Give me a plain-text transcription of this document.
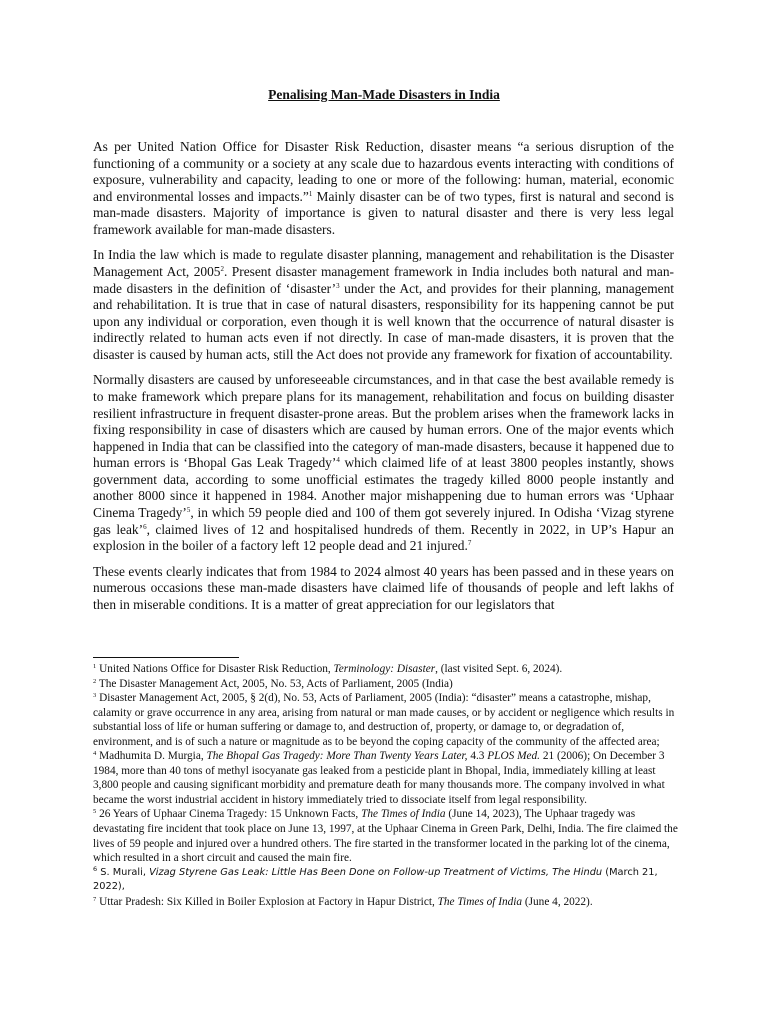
Penalising Man-Made Disasters in India

As per United Nation Office for Disaster Risk Reduction, disaster means “a serious disruption of the functioning of a community or a society at any scale due to hazardous events interacting with conditions of exposure, vulnerability and capacity, leading to one or more of the following: human, material, economic and environmental losses and impacts.”$^1$ Mainly disaster can be of two types, first is natural and second is man-made disasters. Majority of importance is given to natural disaster and there is very less legal framework available for man-made disasters.

In India the law which is made to regulate disaster planning, management and rehabilitation is the Disaster Management Act, 2005$^2$. Present disaster management framework in India includes both natural and man-made disasters in the definition of ‘disaster’$^3$ under the Act, and provides for their planning, management and rehabilitation. It is true that in case of natural disasters, responsibility for its happening cannot be put upon any individual or corporation, even though it is well known that the occurrence of natural disaster is indirectly related to human acts even if not directly. In case of man-made disasters, it is proven that the disaster is caused by human acts, still the Act does not provide any framework for fixation of accountability.

Normally disasters are caused by unforeseeable circumstances, and in that case the best available remedy is to make framework which prepare plans for its management, rehabilitation and focus on building disaster resilient infrastructure in frequent disaster-prone areas. But the problem arises when the framework lacks in fixing responsibility in case of disasters which are caused by human errors. One of the major events which happened in India that can be classified into the category of man-made disasters, because it happened due to human errors is ‘Bhopal Gas Leak Tragedy’$^4$ which claimed life of at least 3800 peoples instantly, shows government data, according to some unofficial estimates the tragedy killed 8000 people instantly and another 8000 since it happened in 1984. Another major mishappening due to human errors was ‘Uphaar Cinema Tragedy’$^5$, in which 59 people died and 100 of them got severely injured. In Odisha ‘Vizag styrene gas leak’$^6$, claimed lives of 12 and hospitalised hundreds of them. Recently in 2022, in UP’s Hapur an explosion in the boiler of a factory left 12 people dead and 21 injured.$^7$

These events clearly indicates that from 1984 to 2024 almost 40 years has been passed and in these years on numerous occasions these man-made disasters have claimed life of thousands of people and left lakhs of then in miserable conditions. It is a matter of great appreciation for our legislators that

$^1$ United Nations Office for Disaster Risk Reduction, Terminology: Disaster, (last visited Sept. 6, 2024).

$^2$ The Disaster Management Act, 2005, No. 53, Acts of Parliament, 2005 (India)

$^3$ Disaster Management Act, 2005, § 2(d), No. 53, Acts of Parliament, 2005 (India): “disaster” means a catastrophe, mishap, calamity or grave occurrence in any area, arising from natural or man made causes, or by accident or negligence which results in substantial loss of life or human suffering or damage to, and destruction of, property, or damage to, or degradation of, environment, and is of such a nature or magnitude as to be beyond the coping capacity of the community of the affected area;

$^4$ Madhumita D. Murgia, The Bhopal Gas Tragedy: More Than Twenty Years Later, 4.3 PLOS Med. 21 (2006); On December 3 1984, more than 40 tons of methyl isocyanate gas leaked from a pesticide plant in Bhopal, India, immediately killing at least 3,800 people and causing significant morbidity and premature death for many thousands more. The company involved in what became the worst industrial accident in history immediately tried to dissociate itself from legal responsibility.

$^5$ 26 Years of Uphaar Cinema Tragedy: 15 Unknown Facts, The Times of India (June 14, 2023), The Uphaar tragedy was devastating fire incident that took place on June 13, 1997, at the Uphaar Cinema in Green Park, Delhi, India. The fire claimed the lives of 59 people and injured over a hundred others. The fire started in the transformer located in the parking lot of the cinema, which resulted in a short circuit and caused the main fire.

$^6$ S. Murali, Vizag Styrene Gas Leak: Little Has Been Done on Follow-up Treatment of Victims, The Hindu (March 21, 2022),

$^7$ Uttar Pradesh: Six Killed in Boiler Explosion at Factory in Hapur District, The Times of India (June 4, 2022).
